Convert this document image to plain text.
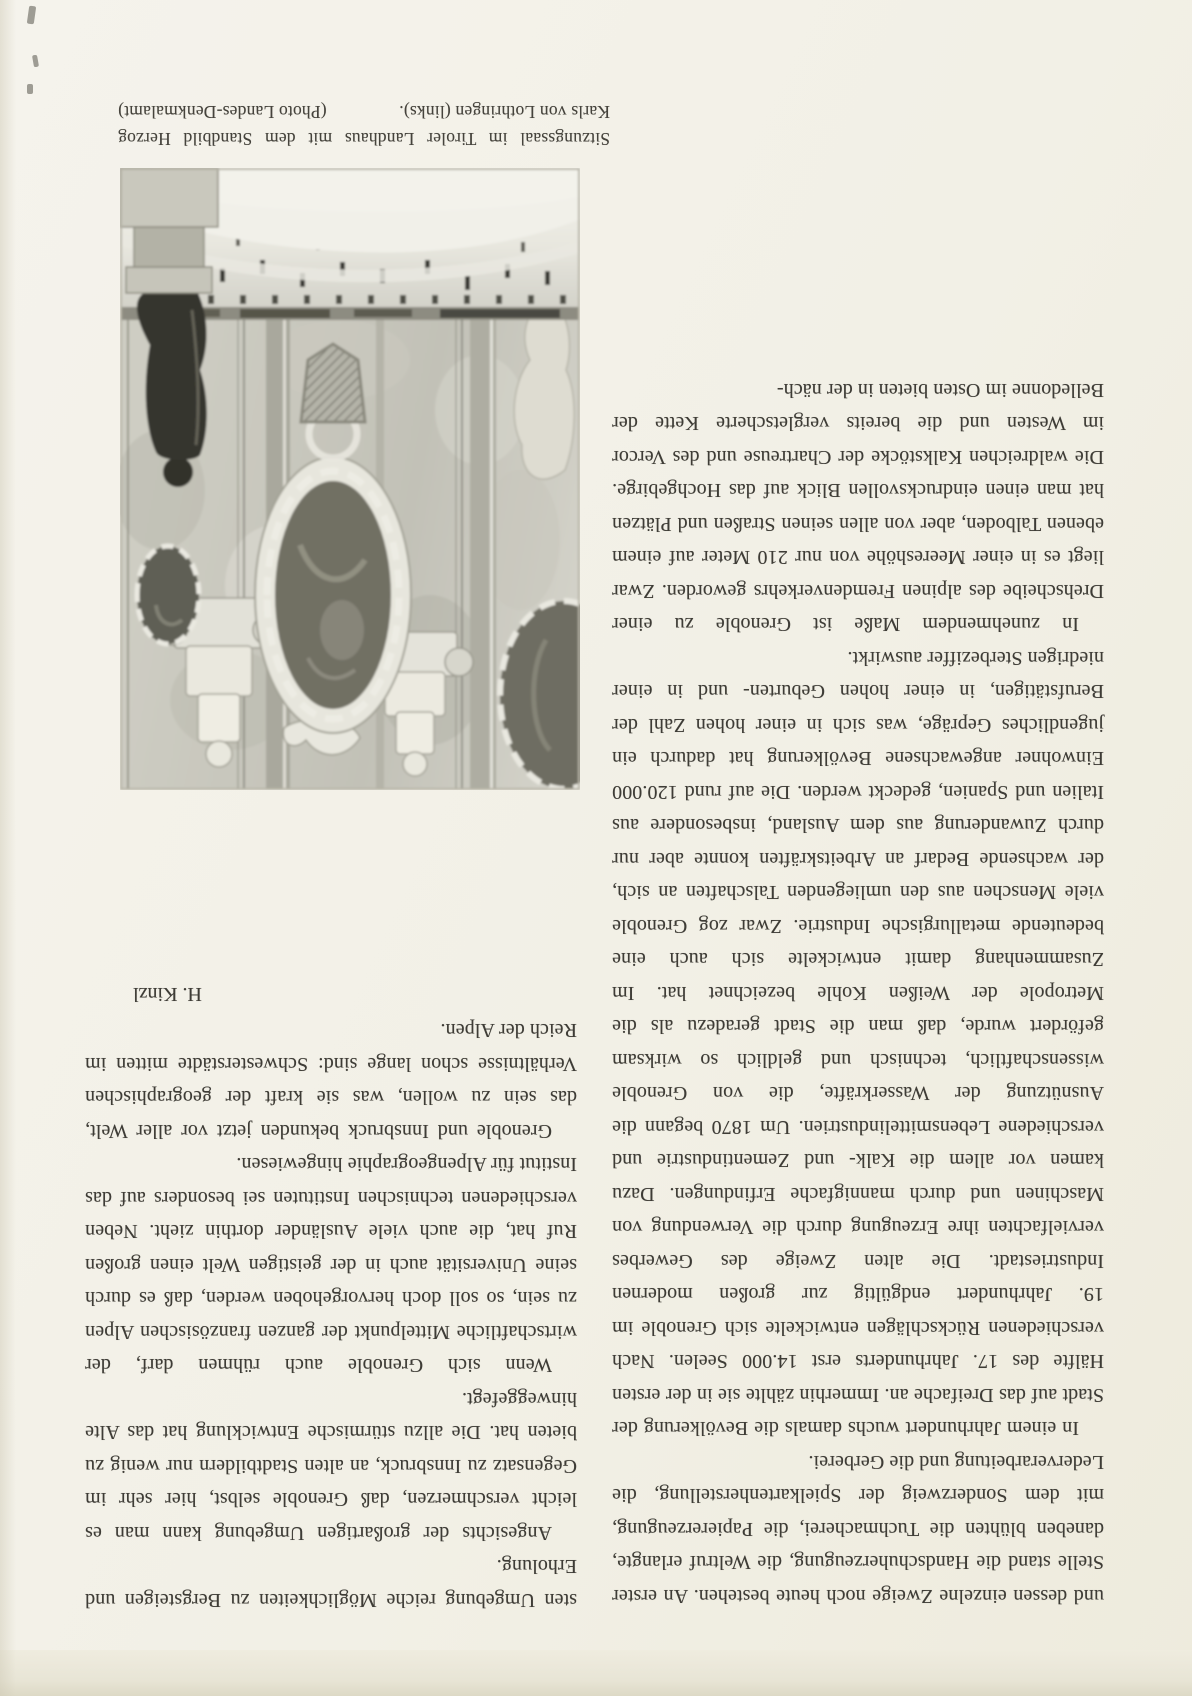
und dessen einzelne Zweige noch heute bestehen. An erster Stelle stand die Handschuherzeugung, die Weltruf erlangte, daneben blühten die Tuchmacherei, die Papiererzeugung, mit dem Sonderzweig der Spielkartenherstellung, die Lederverarbeitung und die Gerberei.

In einem Jahrhundert wuchs damals die Bevölkerung der Stadt auf das Dreifache an. Immerhin zählte sie in der ersten Hälfte des 17. Jahrhunderts erst 14.000 Seelen. Nach verschiedenen Rückschlägen entwickelte sich Grenoble im 19. Jahrhundert endgültig zur großen modernen Industriestadt. Die alten Zweige des Gewerbes vervielfachten ihre Erzeugung durch die Verwendung von Maschinen und durch mannigfache Erfindungen. Dazu kamen vor allem die Kalk- und Zementindustrie und verschiedene Lebensmittelindustrien. Um 1870 begann die Ausnützung der Wasserkräfte, die von Grenoble wissenschaftlich, technisch und geldlich so wirksam gefördert wurde, daß man die Stadt geradezu als die Metropole der Weißen Kohle bezeichnet hat. Im Zusammenhang damit entwickelte sich auch eine bedeutende metallurgische Industrie. Zwar zog Grenoble viele Menschen aus den umliegenden Talschaften an sich, der wachsende Bedarf an Arbeitskräften konnte aber nur durch Zuwanderung aus dem Ausland, insbesondere aus Italien und Spanien, gedeckt werden. Die auf rund 120.000 Einwohner angewachsene Bevölkerung hat dadurch ein jugendliches Gepräge, was sich in einer hohen Zahl der Berufstätigen, in einer hohen Geburten- und in einer niedrigen Sterbeziffer auswirkt.

In zunehmendem Maße ist Grenoble zu einer Drehscheibe des alpinen Fremdenverkehrs geworden. Zwar liegt es in einer Meereshöhe von nur 210 Meter auf einem ebenen Talboden, aber von allen seinen Straßen und Plätzen hat man einen eindrucksvollen Blick auf das Hochgebirge. Die waldreichen Kalkstöcke der Chartreuse und des Vercor im Westen und die bereits vergletscherte Kette der Belledonne im Osten bieten in der näch-

sten Umgebung reiche Möglichkeiten zu Bergsteigen und Erholung.

Angesichts der großartigen Umgebung kann man es leicht verschmerzen, daß Grenoble selbst, hier sehr im Gegensatz zu Innsbruck, an alten Stadtbildern nur wenig zu bieten hat. Die allzu stürmische Entwicklung hat das Alte hinweggefegt.

Wenn sich Grenoble auch rühmen darf, der wirtschaftliche Mittelpunkt der ganzen französischen Alpen zu sein, so soll doch hervorgehoben werden, daß es durch seine Universität auch in der geistigen Welt einen großen Ruf hat, die auch viele Ausländer dorthin zieht. Neben verschiedenen technischen Instituten sei besonders auf das Institut für Alpengeographie hingewiesen.

Grenoble und Innsbruck bekunden jetzt vor aller Welt, das sein zu wollen, was sie kraft der geographischen Verhältnisse schon lange sind: Schwesterstädte mitten im Reich der Alpen.

H. Kinzl
Sitzungssaal im Tiroler Landhaus mit dem Standbild Herzog
Karls von Lothringen (links).
(Photo Landes-Denkmalamt)
